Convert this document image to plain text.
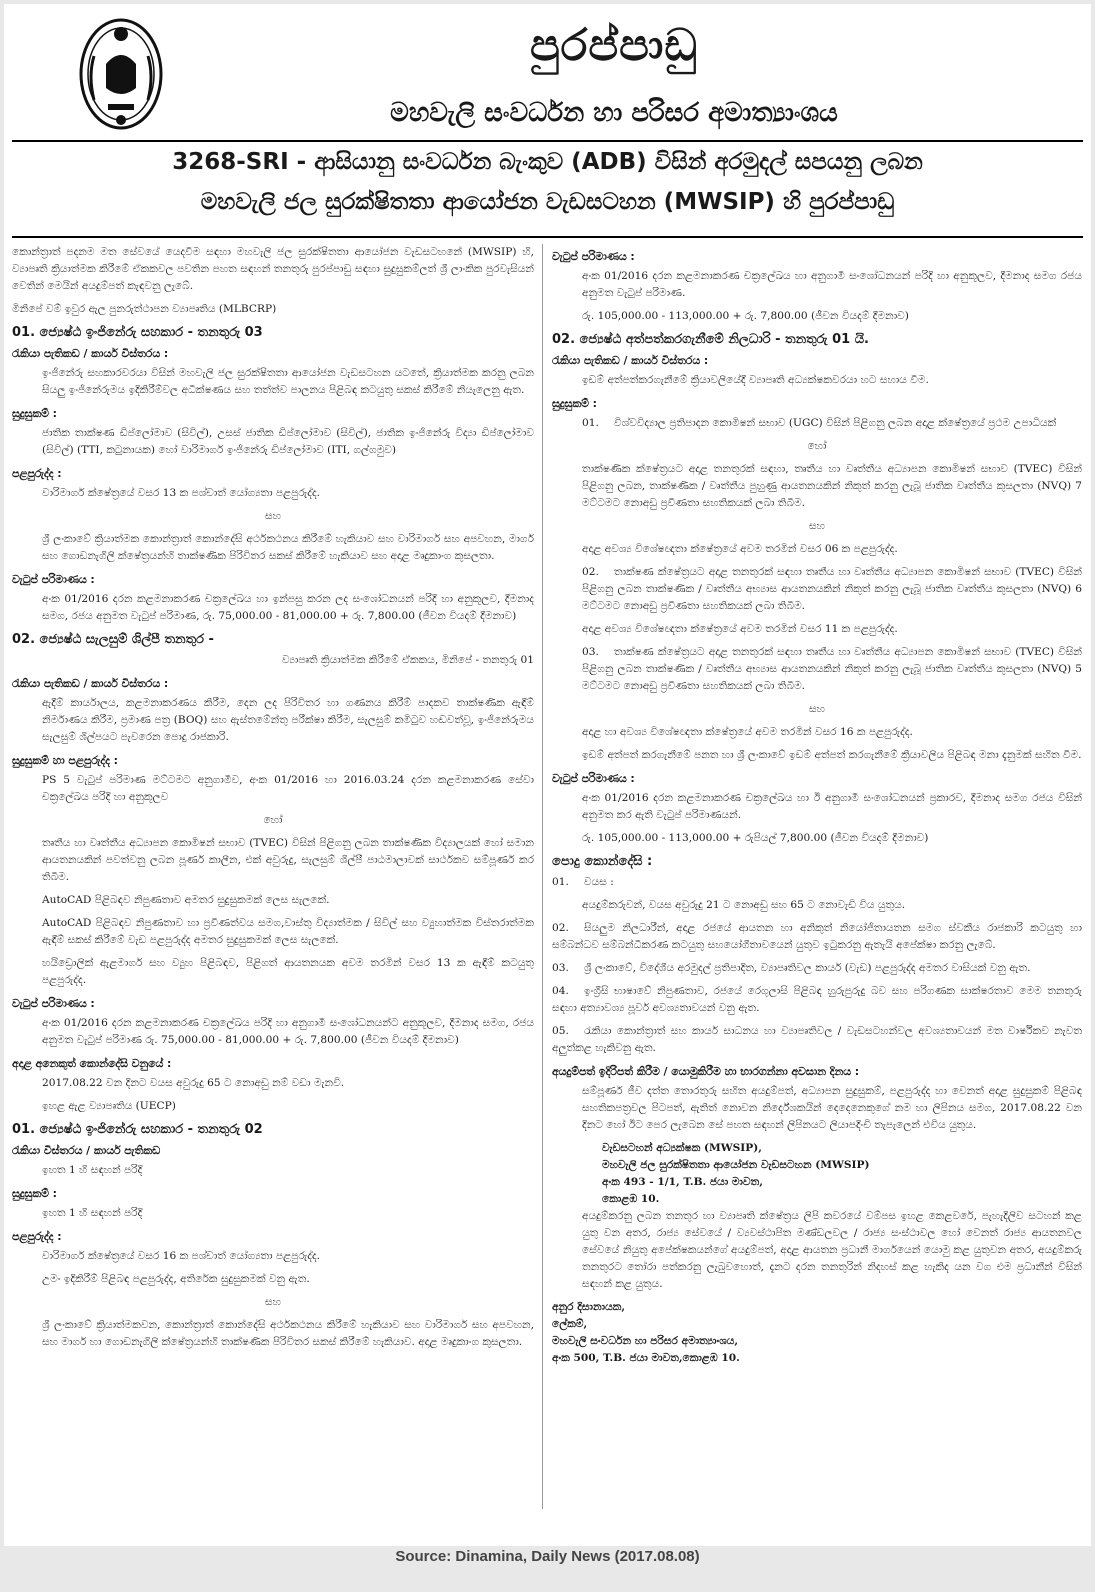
පුරප්පාඩු
මහවැලි සංවර්ධන හා පරිසර අමාත්‍යාංශය
3268-SRI - ආසියානු සංවර්ධන බැංකුව (ADB) විසින් අරමුදල් සපයනු ලබන
මහවැලි ජල සුරක්ෂිතතා ආයෝජන වැඩසටහන (MWSIP) හි පුරප්පාඩු

කොන්ත්‍රාත් පදනම මත සේවයේ යෙදවීම සඳහා මහවැලි ජල සුරක්ෂිතතා ආයෝජන වැඩසටහනේ (MWSIP) හි, ව්‍යාපෘති ක්‍රියාත්මක කිරීමේ ඒකකවල පවතින පහත සඳහන් තනතුරු පුරප්පාඩු සඳහා සුදුසුකම්ලත් ශ්‍රී ලාංකික පුරවැසියන් වෙතින් මෙයින් අයදුම්පත් කැඳවනු ලැබේ.

මිනිපේ වම් ඉවුර ඇල පුනරුත්ථාපන ව්‍යාපෘතිය (MLBCRP)

01. ජ්‍යෙෂ්ඨ ඉංජිනේරු සහකාර - තනතුරු 03
රැකියා පැතිකඩ / කාර්ය විස්තරය :

ඉංජිනේරු සහකාරවරයා විසින් මහවැලි ජල සුරක්ෂිතතා ආයෝජන වැඩසටහන යටතේ, ක්‍රියාත්මක කරනු ලබන සියලු ඉංජිනේරුමය ඉදිකිරීම්වල අධීක්ෂණය සහ තත්ත්ව පාලනය පිළිබඳ කටයුතු සකස් කිරීමේ නියැලෙනු ඇත.

සුදුසුකම් :

ජාතික තාක්ෂණ ඩිප්ලෝමාව (සිවිල්), උසස් ජාතික ඩිප්ලෝමාව (සිවිල්), ජාතික ඉංජිනේරු විද්‍යා ඩිප්ලෝමාව (සිවිල්) (TTI, කටුනායක) හෝ වාරිමාර්ග ඉංජිනේරු ඩිප්ලෝමාව (ITI, ගල්ගමුව)

පළපුරුද්ද :

වාරිමාර්ග ක්ෂේත්‍රයේ වසර 13 ක පශ්චාත් යෝග්‍යතා පළපුරුද්ද.

සහ

ශ්‍රී ලංකාවේ ක්‍රියාත්මක කොන්ත්‍රාත් කොන්දේසි අර්ථකථනය කිරීමේ හැකියාව සහ වාරිමාර්ග සහ අපවහන, මාර්ග සහ ගොඩනැගිලි ක්ෂේත්‍රයන්හි තාක්ෂණික පිරිවිතර සකස් කිරීමේ හැකියාව සහ අදාළ මෘදුකාංග කුසලතා.

වැටුප් පරිමාණය :

අංක 01/2016 දරන කළමනාකරණ චක්‍රලේඛය හා ඉන්පසු කරන ලද සංශෝධනයන් පරිදි හා අනුකූලව, දීමනාද සමග, රජය අනුමත වැටුප් පරිමාණ, රු. 75,000.00 - 81,000.00 + රු. 7,800.00 (ජීවන වියදම් දීමනාව)

02. ජ්‍යෙෂ්ඨ සැලසුම් ශිල්පී තනතුර -

ව්‍යාපෘති ක්‍රියාත්මක කිරීමේ ඒකකය, මිනිපේ - තනතුරු 01

රැකියා පැතිකඩ / කාර්ය විස්තරය :

ඇදීම් කාර්යාලය, කළමනාකරණය කිරීම, දෙන ලද පිරිවිතර හා ගණනය කිරීම් පාදකව තාක්ෂණික ඇඳීම් නිර්මාණය කිරීම, ප්‍රමාණ පත්‍ර (BOQ) සහ ඇස්තමේන්තු පරීක්ෂා කිරීම, සැලසුම් කමිටුව හඬවත්වූ, ඉංජිනේරුමය සැලසුම් ශිල්පයට පැවරෙන පොදු රාජකාරි.

සුදුසුකම් හා පළපුරුද්ද :

PS 5 වැටුප් පරිමාණ මට්ටමට අනුගාමීව, අංක 01/2016 හා 2016.03.24 දරන කළමනාකරණ සේවා චක්‍රලේඛය පරිදි හා අනුකූලව

හෝ

තෘතීය හා වෘත්තීය අධ්‍යාපන කොමිෂන් සභාව (TVEC) විසින් පිළිගනු ලබන තාක්ෂණික විද්‍යාලයක් හෝ සමාන ආයතනයකින් පවත්වනු ලබන පූර්ණ කාලීන, එක් අවුරුදු, සැලසුම් ශිල්පී පාඨමාලාවක් සාර්ථකව සම්පූර්ණ කර තිබීම.

AutoCAD පිළිබඳව නිපුණතාව අමතර සුදුසුකමක් ලෙස සැලකේ.

AutoCAD පිළිබඳව නිපුණතාව හා ප්‍රවීණත්වය සමග,වාස්තු විද්‍යාත්මක / සිවිල් සහ ව්‍යුහාත්මක විස්තරාත්මක ඇඳීම් සකස් කිරීමේ වැඩ පළපුරුද්ද අමතර සුදුසුකමක් ලෙස සැලකේ.

හයිඩ්‍රොලික් ඇළමාර්ග සහ ව්‍යුහ පිළිබඳව, පිළිගත් ආයතනයක අවම තරමින් වසර 13 ක ඇඳීම් කටයුතු පළපුරුද්ද.

වැටුප් පරිමාණය :

අංක 01/2016 දරන කළමනාකරණ චක්‍රලේඛය පරිදි හා අනුගාමී සංශෝධනයන්ට අනුකූලව, දීමනාද සමග, රජය අනුමත වැටුප් පරිමාණ රු. 75,000.00 - 81,000.00 + රු. 7,800.00 (ජීවන වියදම් දීමනාව)

අදාළ අනෙකුත් කොන්දේසි වනුයේ :

2017.08.22 වන දිනට වයස අවුරුදු 65 ට නොඅඩු නම් වඩා මැනවි.

ඉහළ ඇළ ව්‍යාපෘතිය (UECP)

01. ජ්‍යෙෂ්ඨ ඉංජිනේරු සහකාර - තනතුරු 02
රැකියා විස්තරය / කාර්ය පැතිකඩ

ඉහත 1 හි සඳහන් පරිදි

සුදුසුකම් :

ඉහත 1 හි සඳහන් පරිදි

පළපුරුද්ද :

වාරිමාර්ග ක්ෂේත්‍රයේ වසර 16 ක පශ්චාත් යෝග්‍යතා පළපුරුද්ද.

උමං ඉදිකිරීම් පිළිබඳ පළපුරුද්ද, අතිරේක සුදුසුකමක් වනු ඇත.

සහ

ශ්‍රී ලංකාවේ ක්‍රියාත්මකවන, කොන්ත්‍රාත් කොන්දේසි අර්ථකථනය කිරීමේ හැකියාව සහ වාරිමාර්ග සහ අපවහන, සහ මාර්ග හා ගොඩනැගිලි ක්ෂේත්‍රයන්හි තාක්ෂණික පිරිවිතර සකස් කිරීමේ හැකියාව. අදාළ මෘදුකාංග කුසලතා.

වැටුප් පරිමාණය :

අංක 01/2016 දරන කළමනාකරණ චක්‍රලේඛය හා අනුගාමී සංශෝධනයන් පරිදි හා අනුකූලව, දීමනාද සමග රජය අනුමත වැටුප් පරිමාණ.

රු. 105,000.00 - 113,000.00 + රු. 7,800.00 (ජීවන වියදම් දීමනාව)

02. ජ්‍යෙෂ්ඨ අත්පත්කරගැනීමේ නිලධාරි - තනතුරු 01 යි.
රැකියා පැතිකඩ / කාර්ය විස්තරය :

ඉඩම් අත්පත්කරගැනීමේ ක්‍රියාවලියේදී ව්‍යාපෘති අධ්‍යක්ෂකවරයා හට සහාය වීම.

සුදුසුකම් :

01. විශ්වවිද්‍යාල ප්‍රතිපාදන කොමිෂන් සභාව (UGC) විසින් පිළිගනු ලබන අදාළ ක්ෂේත්‍රයේ ප්‍රථම උපාධියක්

හෝ

තාක්ෂණික ක්ෂේත්‍රයට අදාළ තනතුරක් සඳහා, තෘතීය හා වෘත්තීය අධ්‍යාපන කොමිෂන් සභාව (TVEC) විසින් පිළිගනු ලබන, තාක්ෂණික / වෘත්තීය පුහුණු ආයතනයකින් නිකුත් කරනු ලැබූ ජාතික වෘත්තීය කුසලතා (NVQ) 7 මට්ටමට නොඅඩු ප්‍රවීණතා සහතිකයක් ලබා තිබීම.

සහ

අදාළ අවශ්‍ය විශේෂඥතා ක්ෂේත්‍රයේ අවම තරමින් වසර 06 ක පළපුරුද්ද.

02. තාක්ෂණ ක්ෂේත්‍රයට අදාළ තනතුරක් සඳහා තෘතීය හා වෘත්තීය අධ්‍යාපන කොමිෂන් සභාව (TVEC) විසින් පිළිගනු ලබන තාක්ෂණික / වෘත්තීය අභ්‍යාස ආයතනයකින් නිකුත් කරනු ලැබූ ජාතික වෘත්තීය කුසලතා (NVQ) 6 මට්ටමට නොඅඩු ප්‍රවීණතා සහතිකයක් ලබා තිබීම.

අදාළ අවශ්‍ය විශේෂඥතා ක්ෂේත්‍රයේ අවම තරමින් වසර 11 ක පළපුරුද්ද.

03. තාක්ෂණ ක්ෂේත්‍රයට අදාළ තනතුරක් සඳහා තෘතීය හා වෘත්තීය අධ්‍යාපන කොමිෂන් සභාව (TVEC) විසින් පිළිගනු ලබන තාක්ෂණික / වෘත්තීය අභ්‍යාස ආයතනයකින් නිකුත් කරනු ලැබූ ජාතික වෘත්තීය කුසලතා (NVQ) 5 මට්ටමට නොඅඩු ප්‍රවීණතා සහතිකයක් ලබා තිබීම.

සහ

අදාළ හා අවශ්‍ය විශේෂඥතා ක්ෂේත්‍රයේ අවම තරමින් වසර 16 ක පළපුරුද්ද.

ඉඩම් අත්පත් කරගැනීමේ පනත හා ශ්‍රී ලංකාවේ ඉඩම් අත්පත් කරගැනීමේ ක්‍රියාවලිය පිළිබඳ මනා දැනුමක් සහිත වීම.

වැටුප් පරිමාණය :

අංක 01/2016 දරන කළමනාකරණ චක්‍රලේඛය හා ඊ අනුගාමී සංශෝධනයන් ප්‍රකාරව, දීමනාද සමග රජය විසින් අනුමත කර ඇති වැටුප් පරිමාණයන්.

රු. 105,000.00 - 113,000.00 + රුපියල් 7,800.00 (ජීවන වියදම් දීමනාව)

පොදු කොන්දේසි :

01. වයස :

අයදුම්කරුවන්, වයස අවුරුදු 21 ට නොඅඩු සහ 65 ට නොවැඩි විය යුතුය.

02. සියලුම නිලධාරීන්, අදාළ රජයේ ආයතන හා අනිකුත් නියෝජිතායතන සමග ස්වකීය රාජකාරි කටයුතු හා සම්බන්ධව සම්බන්ධීකරණ කටයුතු සහයෝගීතාවයෙන් යුතුව ඉටුකරනු ඇතැයි අපේක්ෂා කරනු ලැබේ.

03. ශ්‍රී ලංකාවේ, විදේශීය අරමුදල් ප්‍රතිපාදිත, ව්‍යාපෘතිවල කාර්ය (වැඩ) පළපුරුද්ද අමතර වාසියක් වනු ඇත.

04. ඉංග්‍රීසි භාෂාවේ නිපුණතාව, රජයේ රෙගුලාසි පිළිබඳ හුරුපුරුදු බව සහ පරිගණක සාක්ෂරතාව මෙම තනතුරු සඳහා අත්‍යාවශ්‍ය පූර්ව අවශ්‍යතාවයන් වනු ඇත.

05. රැකියා කොන්ත්‍රාත් සහ කාර්ය සාධනය හා ව්‍යාපෘතිවල / වැඩසටහන්වල අවශ්‍යතාවයන් මත වාර්ෂිකව නැවත අලුත්කළ හැකිවනු ඇත.

අයදුම්පත් ඉදිරිපත් කිරීම / යොමුකිරීම හා භාරගන්නා අවසාන දිනය :

සම්පූර්ණ ජීව දත්ත තොරතුරු සහිත අයදුම්පත්, අධ්‍යාපන සුදුසුකම්, පළපුරුද්ද හා වෙනත් අදාළ සුදුසුකම් පිළිබඳ සහතිකපත්‍රවල පිටපත්, ඇතිත් නොවන නිර්දේශකයින් දෙදෙනෙකුගේ නම හා ලිපිනය සමග, 2017.08.22 වන දිනට හෝ ඊට පෙර ලැබෙන සේ පහත සඳහන් ලිපිනයට ලියාපදිංචි තැපැලෙන් එවිය යුතුය.

වැඩසටහන් අධ්‍යක්ෂක (MWSIP),
මහවැලි ජල සුරක්ෂිතතා ආයෝජන වැඩසටහන (MWSIP)
අංක 493 - 1/1, T.B. ජයා මාවත,
කොළඹ 10.

අයදුම්කරනු ලබන තනතුර හා ව්‍යාපෘති ක්ෂේත්‍රය ලිපි කවරයේ වම්පස ඉහළ කෙළවරේ, පැහැදිලිව සටහන් කළ යුතු වන අතර, රාජ්‍ය සේවයේ / ව්‍යවස්ථාපිත මණ්ඩලවල / රාජ්‍ය සංස්ථාවල හෝ වෙනත් රාජ්‍ය ආයතනවල සේවයේ නියුතු අපේක්ෂකයන්ගේ අයදුම්පත්, අදාළ ආයතන ප්‍රධානී මාර්ගයෙන් යොමු කළ යුතුවන අතර, අයදුම්කරු තනතුරට තෝරා පත්කරනු ලැබුවහොත්, දැනට දරන තනතුරින් නිදහස් කළ හැකිද යන වග එම ප්‍රධානීන් විසින් සඳහන් කළ යුතුය.

අනුර දිසානායක,
ලේකම්,
මහවැලි සංවර්ධන හා පරිසර අමාත්‍යාංශය,
අංක 500, T.B. ජයා මාවත,කොළඹ 10.
Source: Dinamina, Daily News (2017.08.08)
